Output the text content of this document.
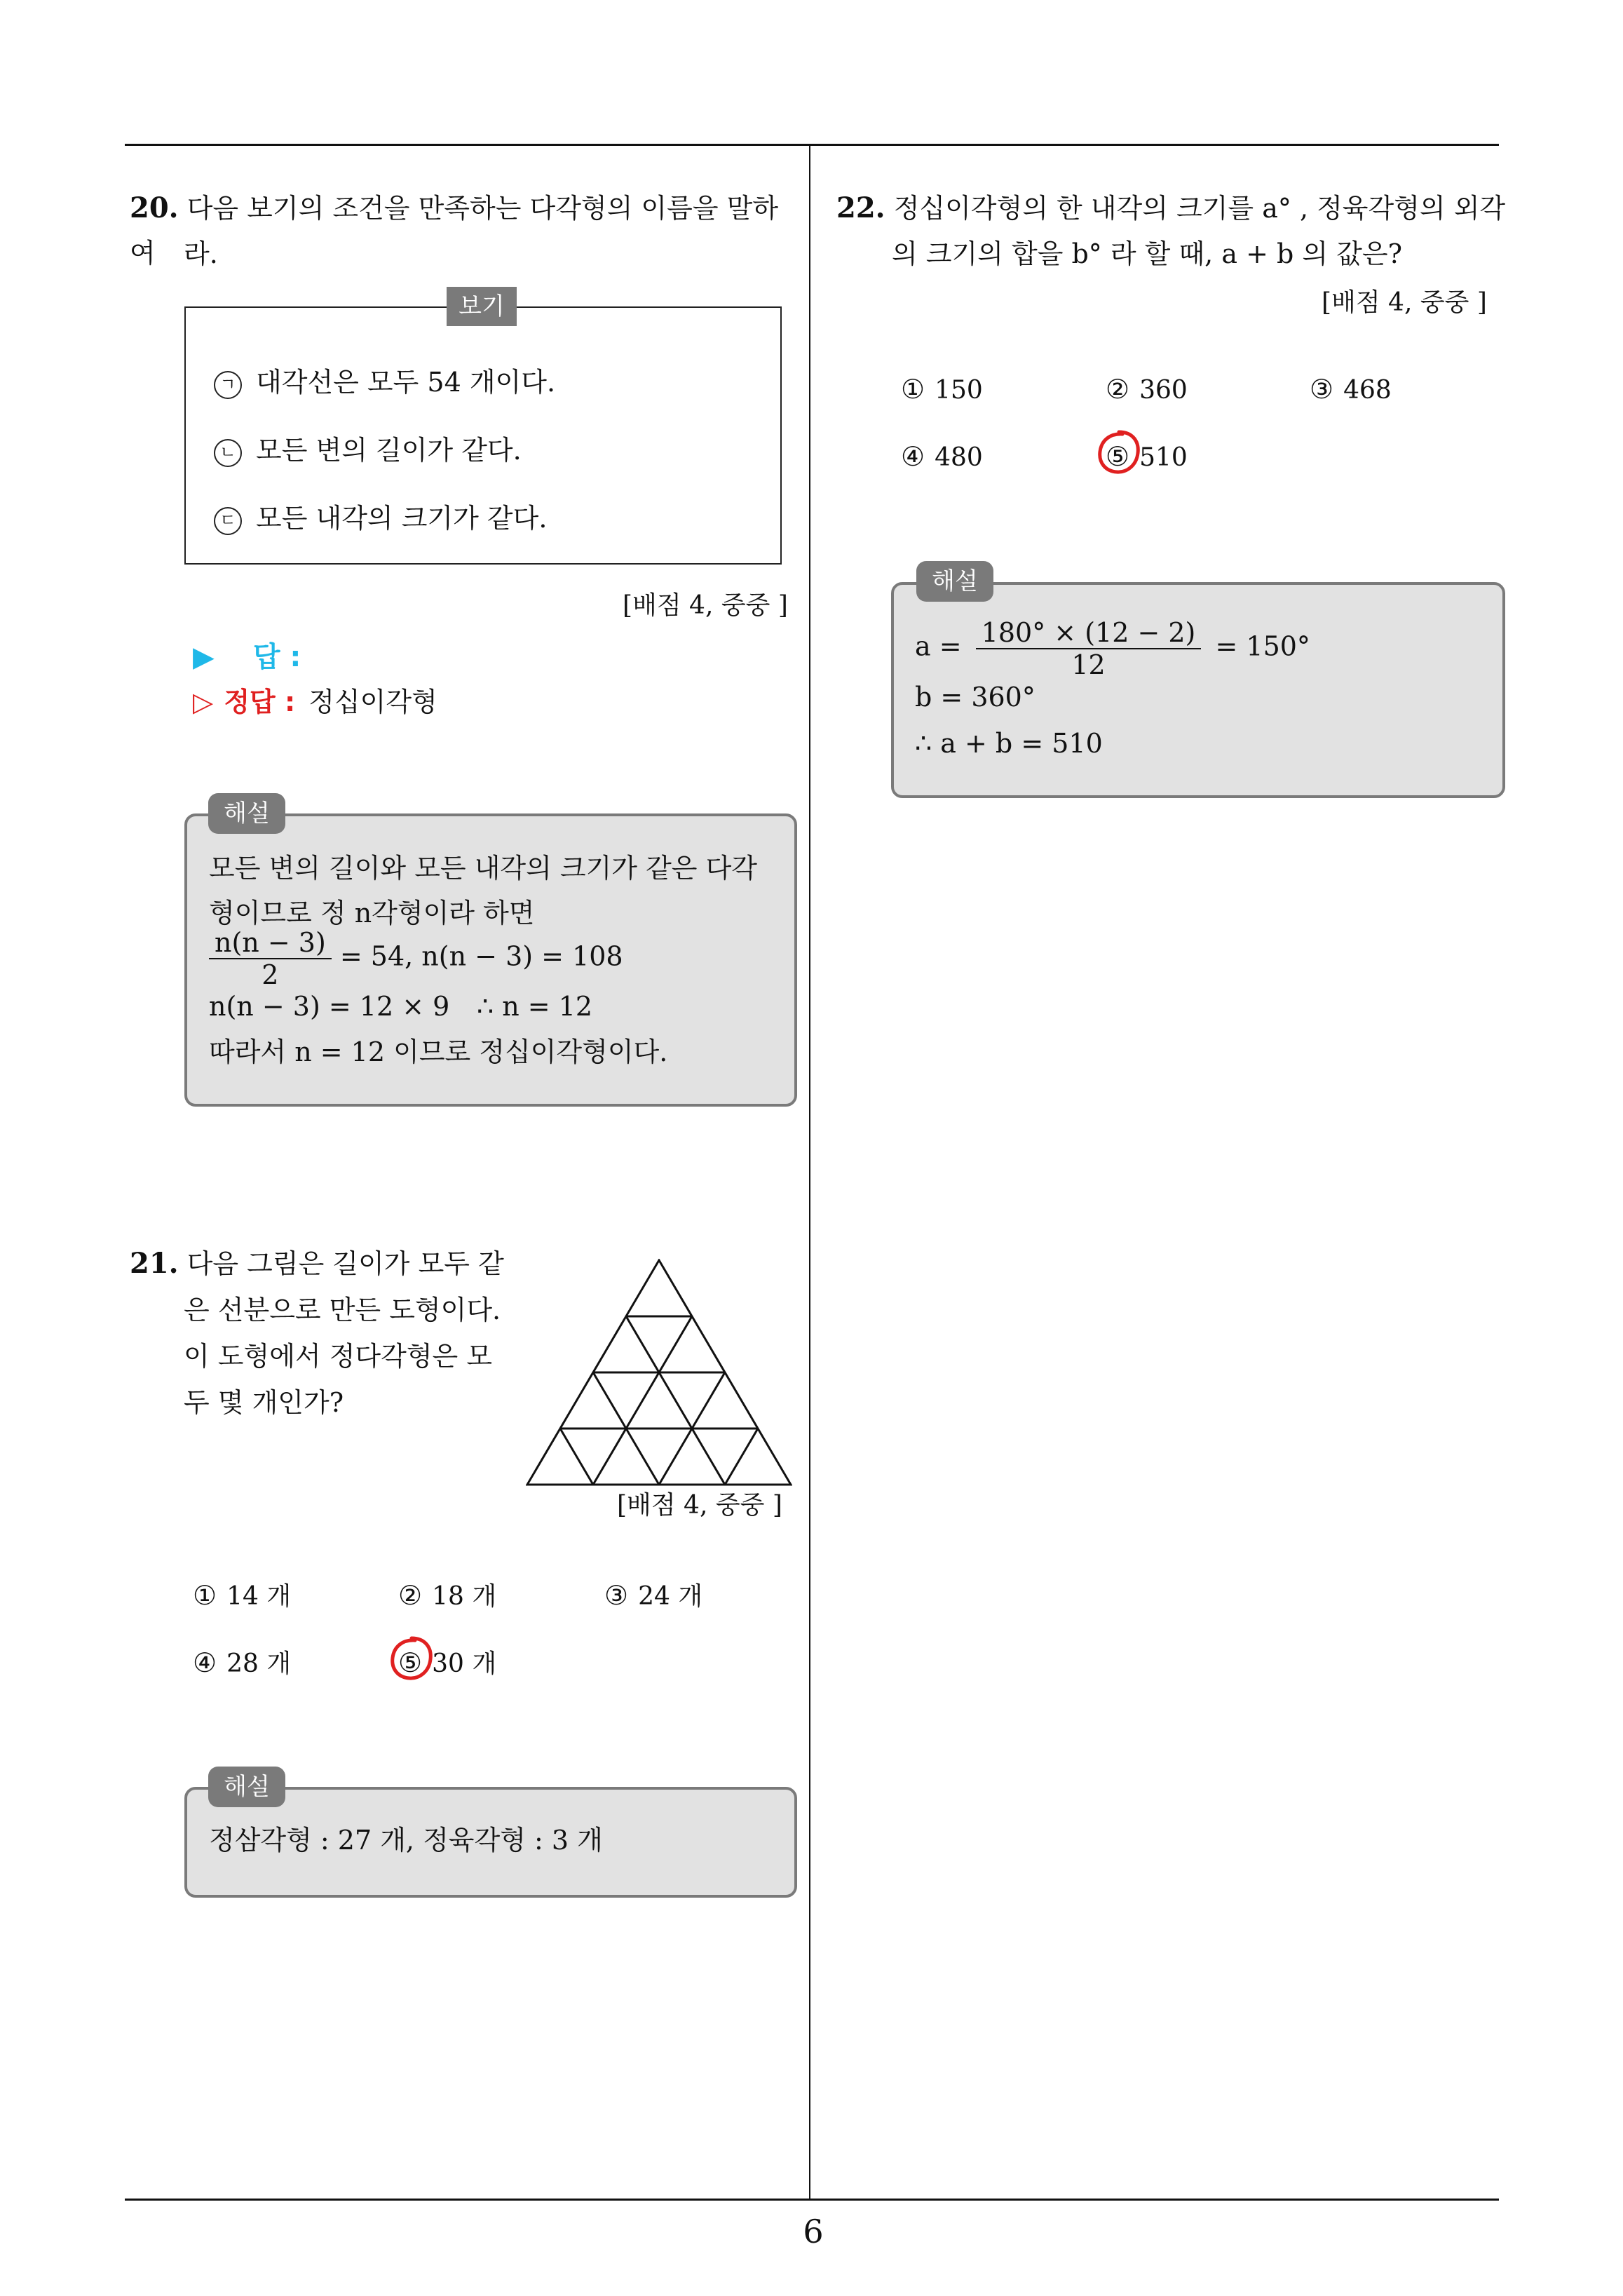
6
20. 다음 보기의 조건을 만족하는 다각형의 이름을 말하여	라.
보기
ㄱ 대각선은 모두 54 개이다.
ㄴ 모든 변의 길이가 같다.
ㄷ 모든 내각의 크기가 같다.
[배점 4, 중중 ]
▶ 답 :
▷ 정답 : 정십이각형
해설
모든 변의 길이와 모든 내각의 크기가 같은 다각
형이므로 정 n각형이라 하면
$\frac{n(n - 3)}{2} = 54$, n(n − 3) = 108
n(n − 3) = 12 × 9 ∴ n = 12
따라서 n = 12 이므로 정십이각형이다.
21. 다음 그림은 길이가 모두 같
은 선분으로 만든 도형이다.
이 도형에서 정다각형은 모
두 몇 개인가?
[배점 4, 중중 ]
① 14 개	② 18 개	③ 24 개
④ 28 개	⑤ 30 개
해설
정삼각형 : 27 개, 정육각형 : 3 개
22. 정십이각형의 한 내각의 크기를 a° , 정육각형의 외각
의 크기의 합을 b° 라 할 때, a + b 의 값은?
[배점 4, 중중 ]
① 150	② 360	③ 468
④ 480	⑤ 510
해설
$a = \frac{180^\circ \times (12 - 2)}{12} = 150^\circ$
b = 360°
∴ a + b = 510
